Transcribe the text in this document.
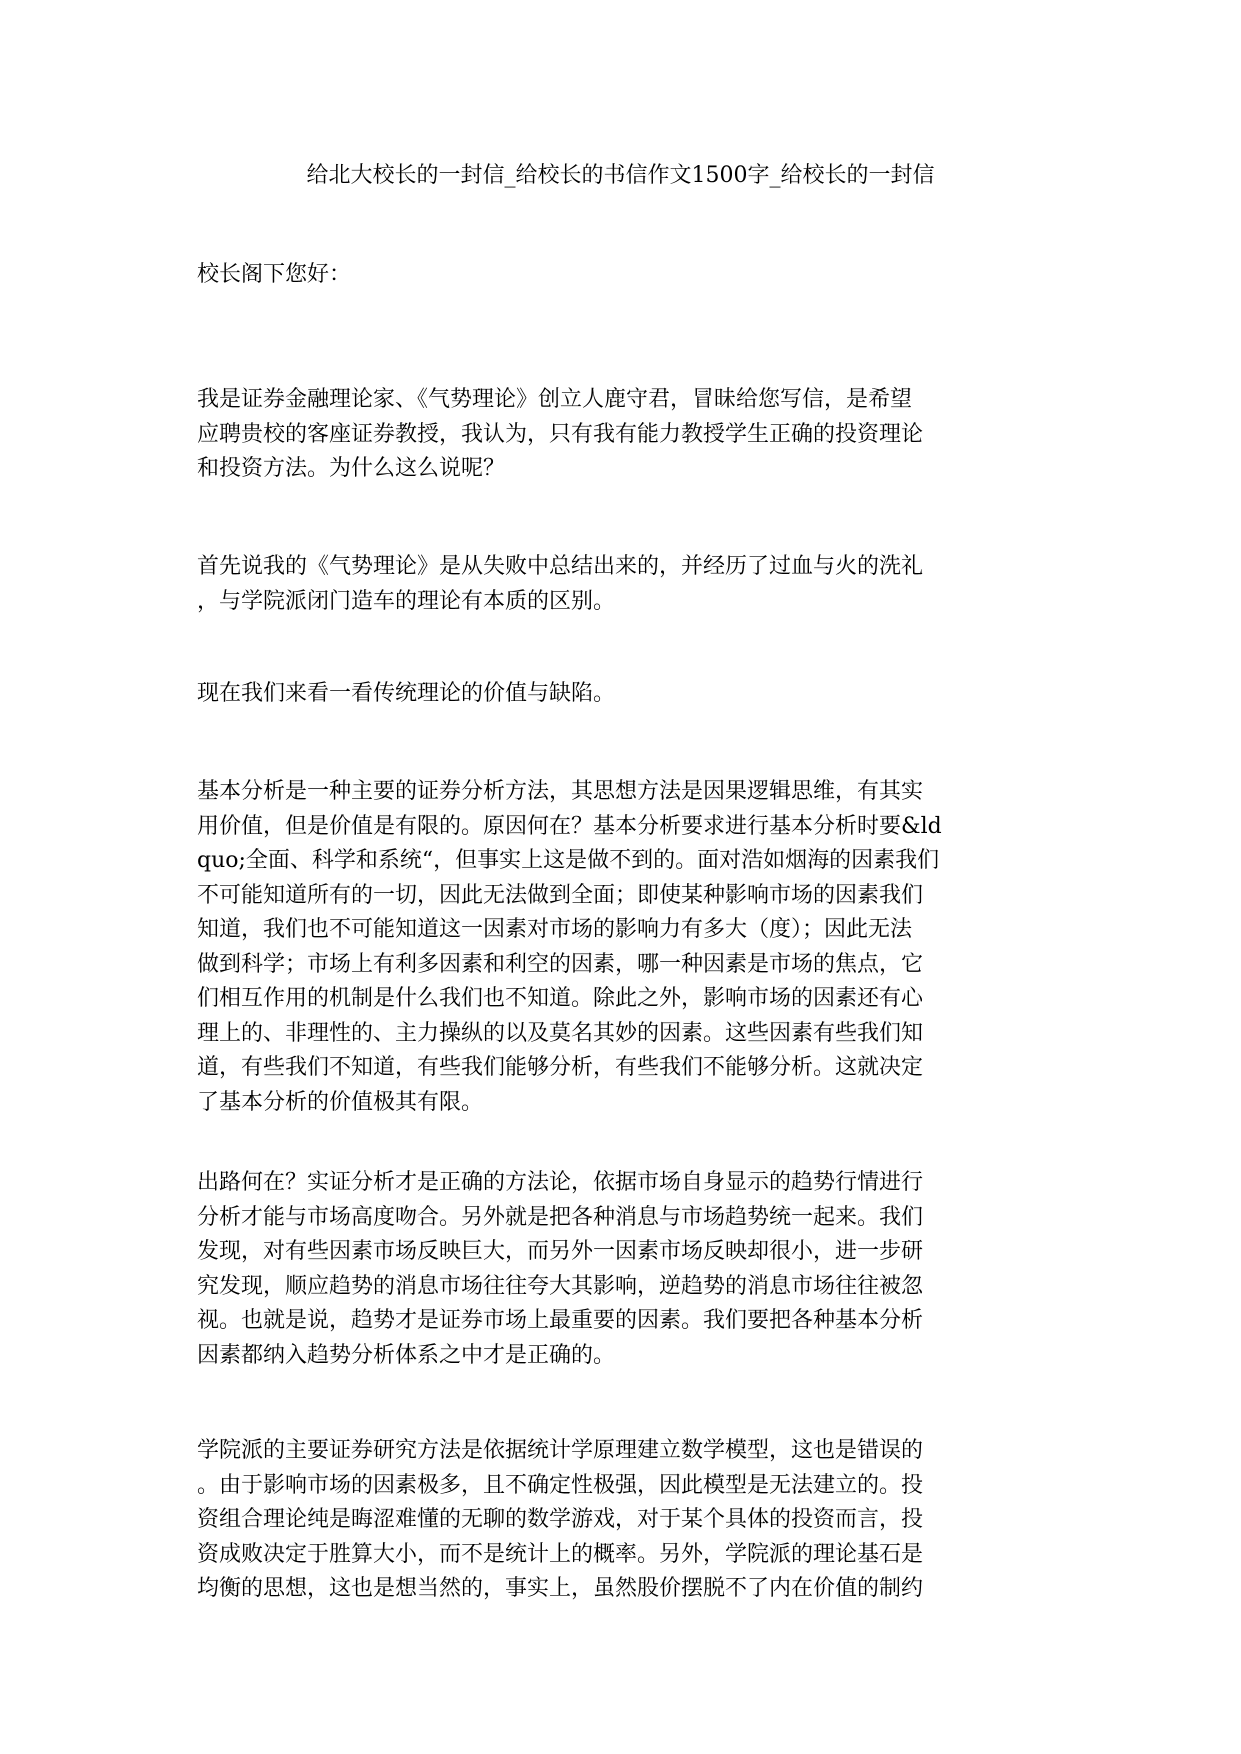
给北大校长的一封信_给校长的书信作文1500字_给校长的一封信
校长阁下您好：
我是证券金融理论家、《气势理论》创立人鹿守君，冒昧给您写信，是希望
应聘贵校的客座证券教授，我认为，只有我有能力教授学生正确的投资理论
和投资方法。为什么这么说呢？
首先说我的《气势理论》是从失败中总结出来的，并经历了过血与火的洗礼
，与学院派闭门造车的理论有本质的区别。
现在我们来看一看传统理论的价值与缺陷。
基本分析是一种主要的证券分析方法，其思想方法是因果逻辑思维，有其实
用价值，但是价值是有限的。原因何在？基本分析要求进行基本分析时要&ld
quo;全面、科学和系统“，但事实上这是做不到的。面对浩如烟海的因素我们
不可能知道所有的一切，因此无法做到全面；即使某种影响市场的因素我们
知道，我们也不可能知道这一因素对市场的影响力有多大（度）；因此无法
做到科学；市场上有利多因素和利空的因素，哪一种因素是市场的焦点，它
们相互作用的机制是什么我们也不知道。除此之外，影响市场的因素还有心
理上的、非理性的、主力操纵的以及莫名其妙的因素。这些因素有些我们知
道，有些我们不知道，有些我们能够分析，有些我们不能够分析。这就决定
了基本分析的价值极其有限。
出路何在？实证分析才是正确的方法论，依据市场自身显示的趋势行情进行
分析才能与市场高度吻合。另外就是把各种消息与市场趋势统一起来。我们
发现，对有些因素市场反映巨大，而另外一因素市场反映却很小，进一步研
究发现，顺应趋势的消息市场往往夸大其影响，逆趋势的消息市场往往被忽
视。也就是说，趋势才是证券市场上最重要的因素。我们要把各种基本分析
因素都纳入趋势分析体系之中才是正确的。
学院派的主要证券研究方法是依据统计学原理建立数学模型，这也是错误的
。由于影响市场的因素极多，且不确定性极强，因此模型是无法建立的。投
资组合理论纯是晦涩难懂的无聊的数学游戏，对于某个具体的投资而言，投
资成败决定于胜算大小，而不是统计上的概率。另外，学院派的理论基石是
均衡的思想，这也是想当然的，事实上，虽然股价摆脱不了内在价值的制约
